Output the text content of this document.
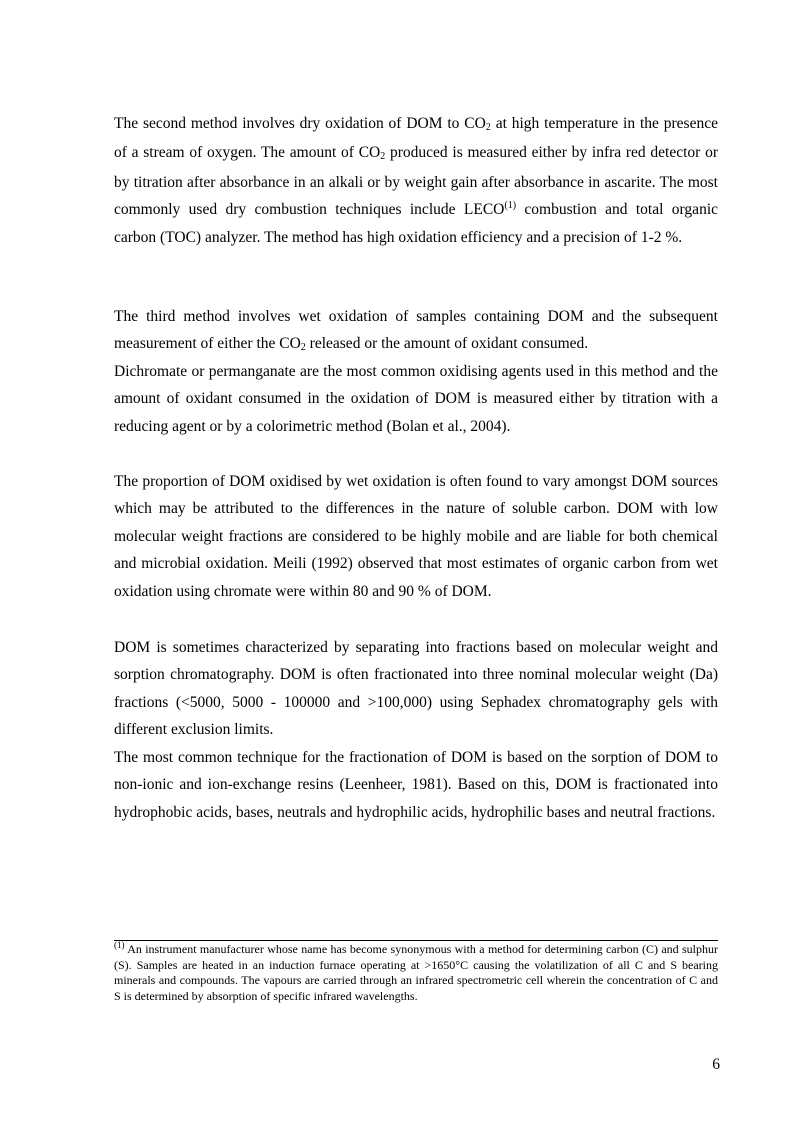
The second method involves dry oxidation of DOM to CO2 at high temperature in the presence of a stream of oxygen. The amount of CO2 produced is measured either by infra red detector or by titration after absorbance in an alkali or by weight gain after absorbance in ascarite. The most commonly used dry combustion techniques include LECO$^{(1)}$ combustion and total organic carbon (TOC) analyzer. The method has high oxidation efficiency and a precision of 1-2 %.

The third method involves wet oxidation of samples containing DOM and the subsequent measurement of either the CO2 released or the amount of oxidant consumed.

Dichromate or permanganate are the most common oxidising agents used in this method and the amount of oxidant consumed in the oxidation of DOM is measured either by titration with a reducing agent or by a colorimetric method (Bolan et al., 2004).

The proportion of DOM oxidised by wet oxidation is often found to vary amongst DOM sources which may be attributed to the differences in the nature of soluble carbon. DOM with low molecular weight fractions are considered to be highly mobile and are liable for both chemical and microbial oxidation. Meili (1992) observed that most estimates of organic carbon from wet oxidation using chromate were within 80 and 90 % of DOM.

DOM is sometimes characterized by separating into fractions based on molecular weight and sorption chromatography. DOM is often fractionated into three nominal molecular weight (Da) fractions (<5000, 5000 - 100000 and >100,000) using Sephadex chromatography gels with different exclusion limits.

The most common technique for the fractionation of DOM is based on the sorption of DOM to non-ionic and ion-exchange resins (Leenheer, 1981). Based on this, DOM is fractionated into hydrophobic acids, bases, neutrals and hydrophilic acids, hydrophilic bases and neutral fractions.

$^{(1)}$ An instrument manufacturer whose name has become synonymous with a method for determining carbon (C) and sulphur (S). Samples are heated in an induction furnace operating at >1650°C causing the volatilization of all C and S bearing minerals and compounds. The vapours are carried through an infrared spectrometric cell wherein the concentration of C and S is determined by absorption of specific infrared wavelengths.

6
